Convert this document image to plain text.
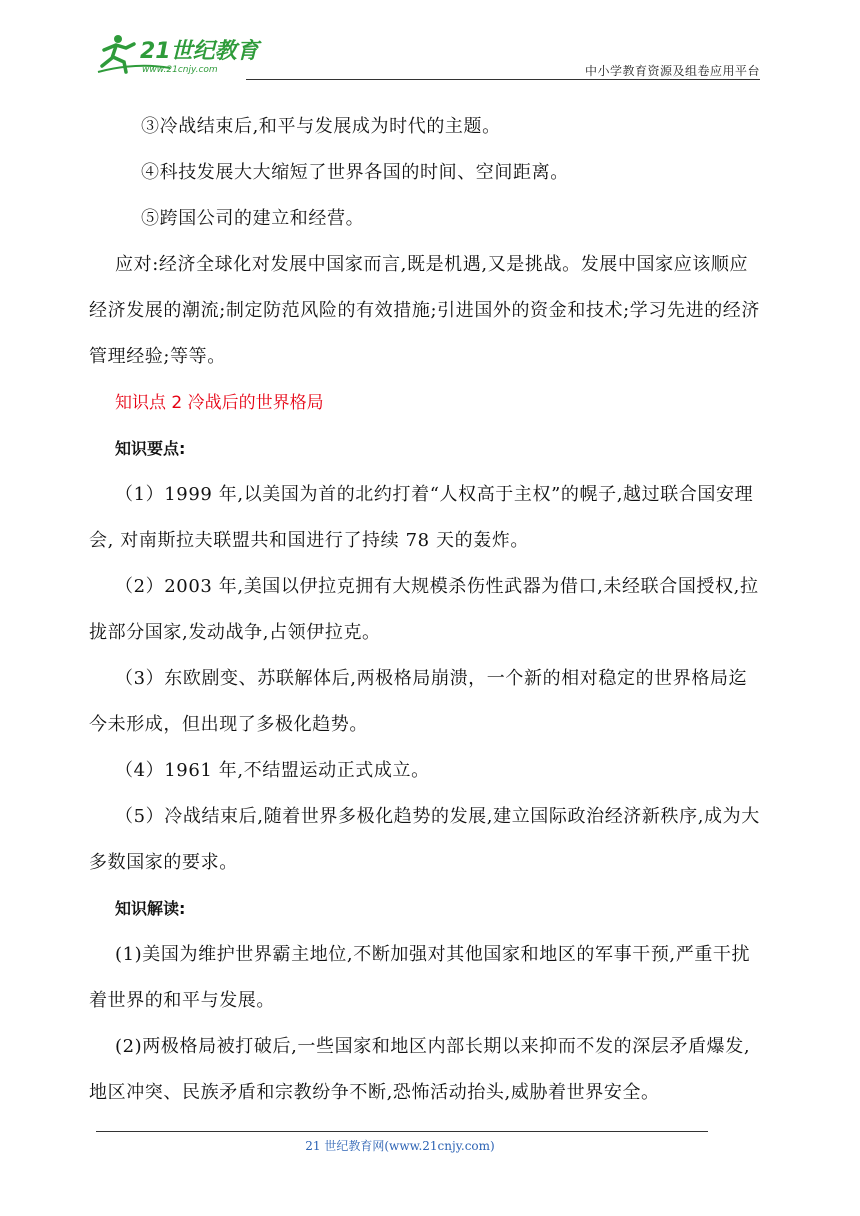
21世纪教育
www.21cnjy.com	中小学教育资源及组卷应用平台

③冷战结束后,和平与发展成为时代的主题。

④科技发展大大缩短了世界各国的时间、空间距离。

⑤跨国公司的建立和经营。

应对:经济全球化对发展中国家而言,既是机遇,又是挑战。发展中国家应该顺应经济发展的潮流;制定防范风险的有效措施;引进国外的资金和技术;学习先进的经济管理经验;等等。

知识点 2 冷战后的世界格局

知识要点:

（1）1999 年,以美国为首的北约打着“人权高于主权”的幌子,越过联合国安理会, 对南斯拉夫联盟共和国进行了持续 78 天的轰炸。

（2）2003 年,美国以伊拉克拥有大规模杀伤性武器为借口,未经联合国授权,拉拢部分国家,发动战争,占领伊拉克。

（3）东欧剧变、苏联解体后,两极格局崩溃，一个新的相对稳定的世界格局迄今未形成，但出现了多极化趋势。

（4）1961 年,不结盟运动正式成立。

（5）冷战结束后,随着世界多极化趋势的发展,建立国际政治经济新秩序,成为大多数国家的要求。

知识解读:

(1)美国为维护世界霸主地位,不断加强对其他国家和地区的军事干预,严重干扰着世界的和平与发展。

(2)两极格局被打破后,一些国家和地区内部长期以来抑而不发的深层矛盾爆发,地区冲突、民族矛盾和宗教纷争不断,恐怖活动抬头,威胁着世界安全。

21 世纪教育网(www.21cnjy.com)
